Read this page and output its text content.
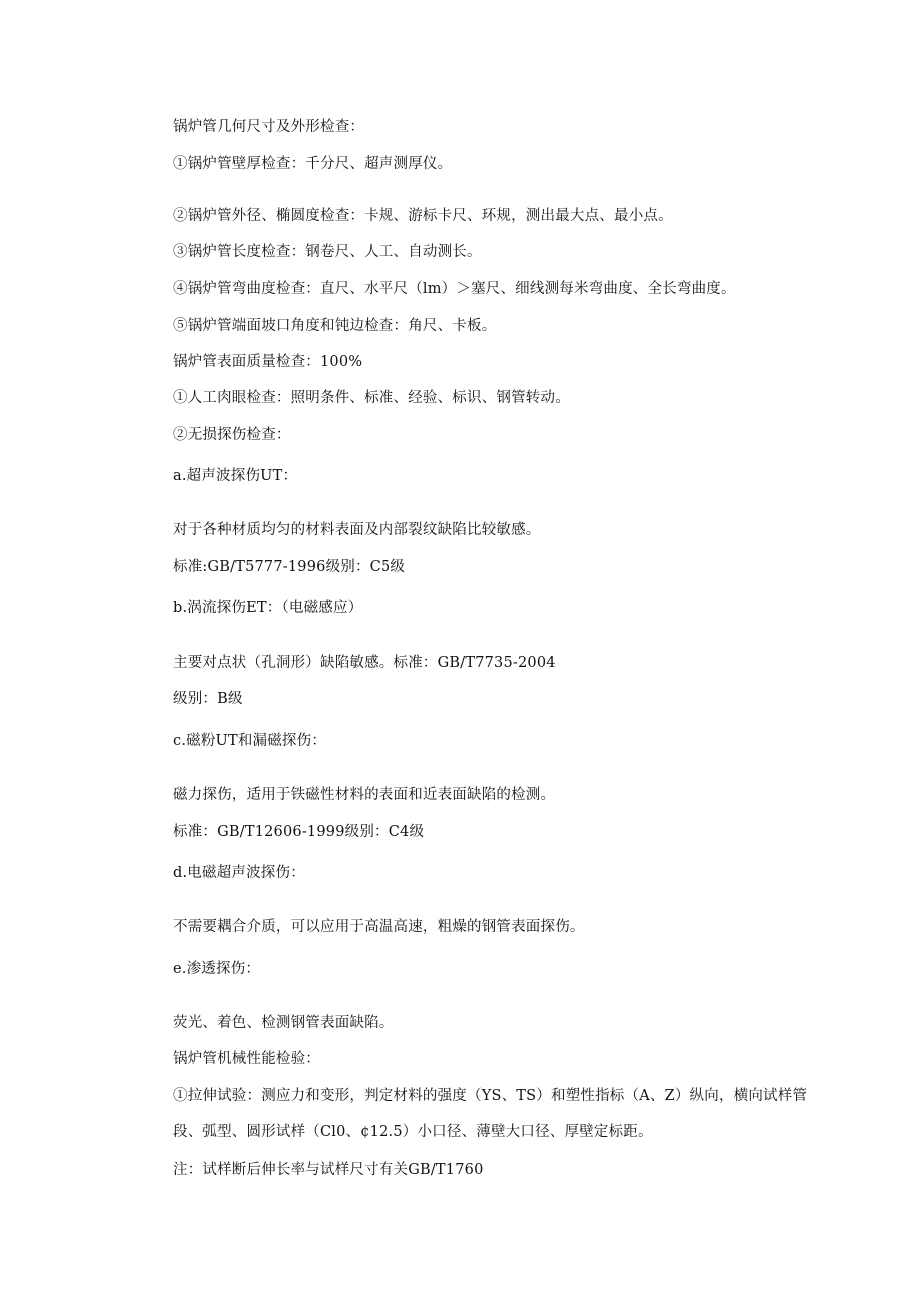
锅炉管几何尺寸及外形检查：
①锅炉管壁厚检查：千分尺、超声测厚仪。
②锅炉管外径、椭圆度检查：卡规、游标卡尺、环规，测出最大点、最小点。
③锅炉管长度检查：钢卷尺、人工、自动测长。
④锅炉管弯曲度检查：直尺、水平尺（lm）＞塞尺、细线测每米弯曲度、全长弯曲度。
⑤锅炉管端面坡口角度和钝边检查：角尺、卡板。
锅炉管表面质量检查：100%
①人工肉眼检查：照明条件、标准、经验、标识、钢管转动。
②无损探伤检查：
a.超声波探伤UT：
对于各种材质均匀的材料表面及内部裂纹缺陷比较敏感。
标准:GB/T5777-1996级别：C5级
b.涡流探伤ET：（电磁感应）
主要对点状（孔洞形）缺陷敏感。标准：GB/T7735-2004
级别：B级
c.磁粉UT和漏磁探伤：
磁力探伤，适用于铁磁性材料的表面和近表面缺陷的检测。
标准：GB/T12606-1999级别：C4级
d.电磁超声波探伤：
不需要耦合介质，可以应用于高温高速，粗燥的钢管表面探伤。
e.渗透探伤：
荧光、着色、检测钢管表面缺陷。
锅炉管机械性能检验：
①拉伸试验：测应力和变形，判定材料的强度（YS、TS）和塑性指标（A、Z）纵向，横向试样管段、弧型、圆形试样（Cl0、¢12.5）小口径、薄壁大口径、厚壁定标距。
注：试样断后伸长率与试样尺寸有关GB/T1760
